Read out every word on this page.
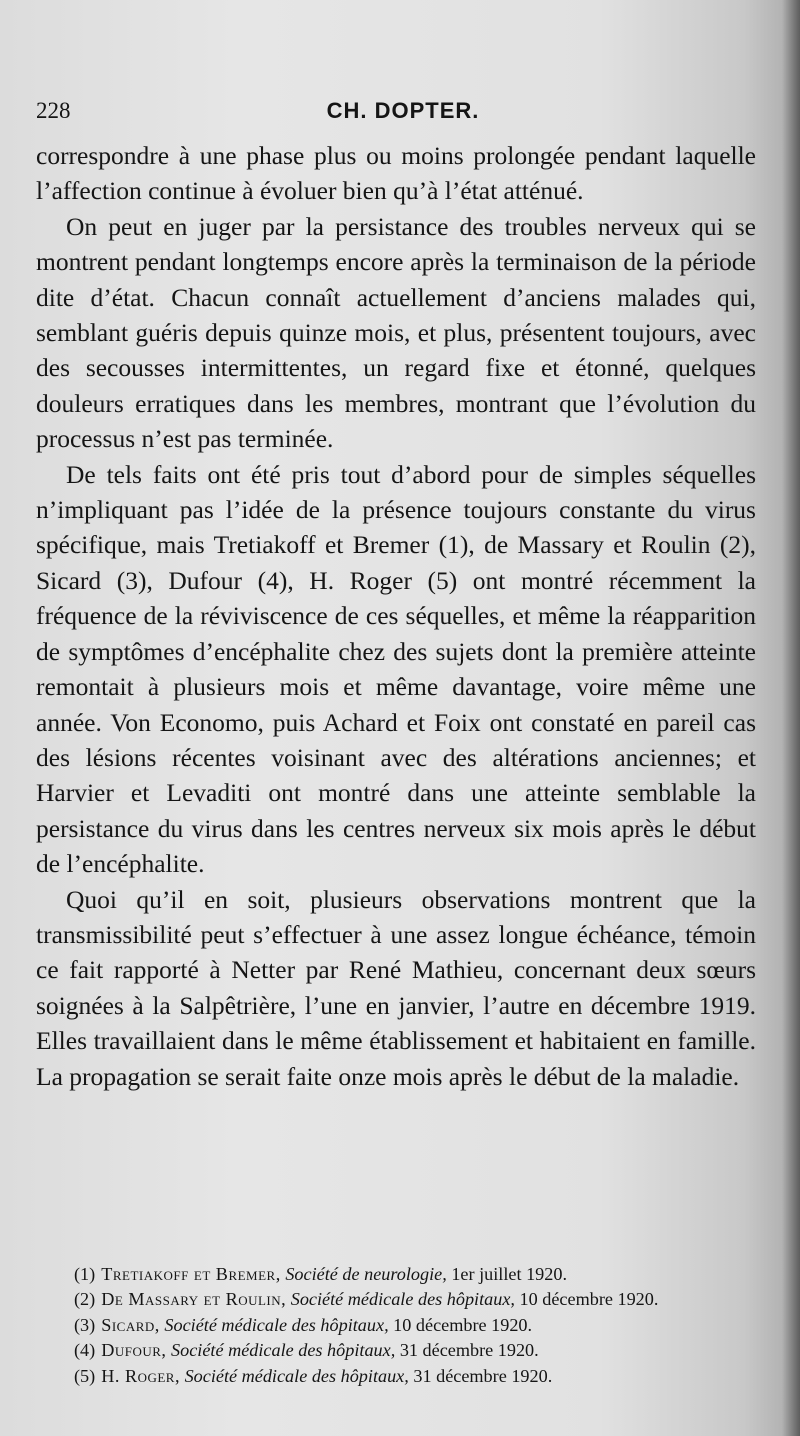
228	CH. DOPTER.

correspondre à une phase plus ou moins prolongée pendant laquelle l’affection continue à évoluer bien qu’à l’état atténué.

On peut en juger par la persistance des troubles nerveux qui se montrent pendant longtemps encore après la terminaison de la période dite d’état. Chacun connaît actuellement d’anciens malades qui, semblant guéris depuis quinze mois, et plus, présentent toujours, avec des secousses intermittentes, un regard fixe et étonné, quelques douleurs erratiques dans les membres, montrant que l’évolution du processus n’est pas terminée.

De tels faits ont été pris tout d’abord pour de simples séquelles n’impliquant pas l’idée de la présence toujours constante du virus spécifique, mais Tretiakoff et Bremer (1), de Massary et Roulin (2), Sicard (3), Dufour (4), H. Roger (5) ont montré récemment la fréquence de la réviviscence de ces séquelles, et même la réapparition de symptômes d’encéphalite chez des sujets dont la première atteinte remontait à plusieurs mois et même davantage, voire même une année. Von Economo, puis Achard et Foix ont constaté en pareil cas des lésions récentes voisinant avec des altérations anciennes; et Harvier et Levaditi ont montré dans une atteinte semblable la persistance du virus dans les centres nerveux six mois après le début de l’encéphalite.

Quoi qu’il en soit, plusieurs observations montrent que la transmissibilité peut s’effectuer à une assez longue échéance, témoin ce fait rapporté à Netter par René Mathieu, concernant deux sœurs soignées à la Salpêtrière, l’une en janvier, l’autre en décembre 1919. Elles travaillaient dans le même établissement et habitaient en famille. La propagation se serait faite onze mois après le début de la maladie.

(1) Tretiakoff et Bremer, Société de neurologie, 1er juillet 1920.

(2) De Massary et Roulin, Société médicale des hôpitaux, 10 décembre 1920.

(3) Sicard, Société médicale des hôpitaux, 10 décembre 1920.

(4) Dufour, Société médicale des hôpitaux, 31 décembre 1920.

(5) H. Roger, Société médicale des hôpitaux, 31 décembre 1920.
